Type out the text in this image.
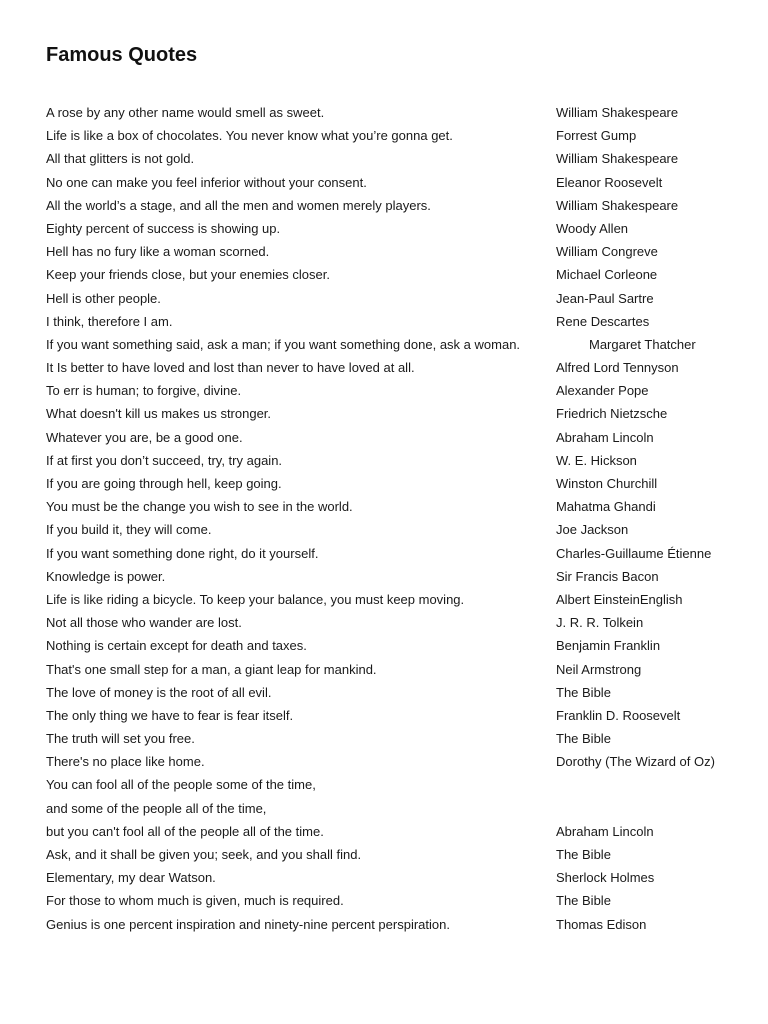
Famous Quotes
A rose by any other name would smell as sweet.	William Shakespeare
Life is like a box of chocolates. You never know what you’re gonna get.	Forrest Gump
All that glitters is not gold.	William Shakespeare
No one can make you feel inferior without your consent.	Eleanor Roosevelt
All the world’s a stage, and all the men and women merely players.	William Shakespeare
Eighty percent of success is showing up.	Woody Allen
Hell has no fury like a woman scorned.	William Congreve
Keep your friends close, but your enemies closer.	Michael Corleone
Hell is other people.	Jean-Paul Sartre
I think, therefore I am.	Rene Descartes
If you want something said, ask a man; if you want something done, ask a woman.	Margaret Thatcher
It Is better to have loved and lost than never to have loved at all.	Alfred Lord Tennyson
To err is human; to forgive, divine.	Alexander Pope
What doesn't kill us makes us stronger.	Friedrich Nietzsche
Whatever you are, be a good one.	Abraham Lincoln
If at first you don’t succeed, try, try again.	W. E. Hickson
If you are going through hell, keep going.	Winston Churchill
You must be the change you wish to see in the world.	Mahatma Ghandi
If you build it, they will come.	Joe Jackson
If you want something done right, do it yourself.	Charles-Guillaume Étienne
Knowledge is power.	Sir Francis Bacon
Life is like riding a bicycle. To keep your balance, you must keep moving.	Albert EinsteinEnglish
Not all those who wander are lost.	J. R. R. Tolkein
Nothing is certain except for death and taxes.	Benjamin Franklin
That's one small step for a man, a giant leap for mankind.	Neil Armstrong
The love of money is the root of all evil.	The Bible
The only thing we have to fear is fear itself.	Franklin D. Roosevelt
The truth will set you free.	The Bible
There's no place like home.	Dorothy (The Wizard of Oz)
You can fool all of the people some of the time,
and some of the people all of the time,
but you can't fool all of the people all of the time.	Abraham Lincoln
Ask, and it shall be given you; seek, and you shall find.	The Bible
Elementary, my dear Watson.	Sherlock Holmes
For those to whom much is given, much is required.	The Bible
Genius is one percent inspiration and ninety-nine percent perspiration.	Thomas Edison
